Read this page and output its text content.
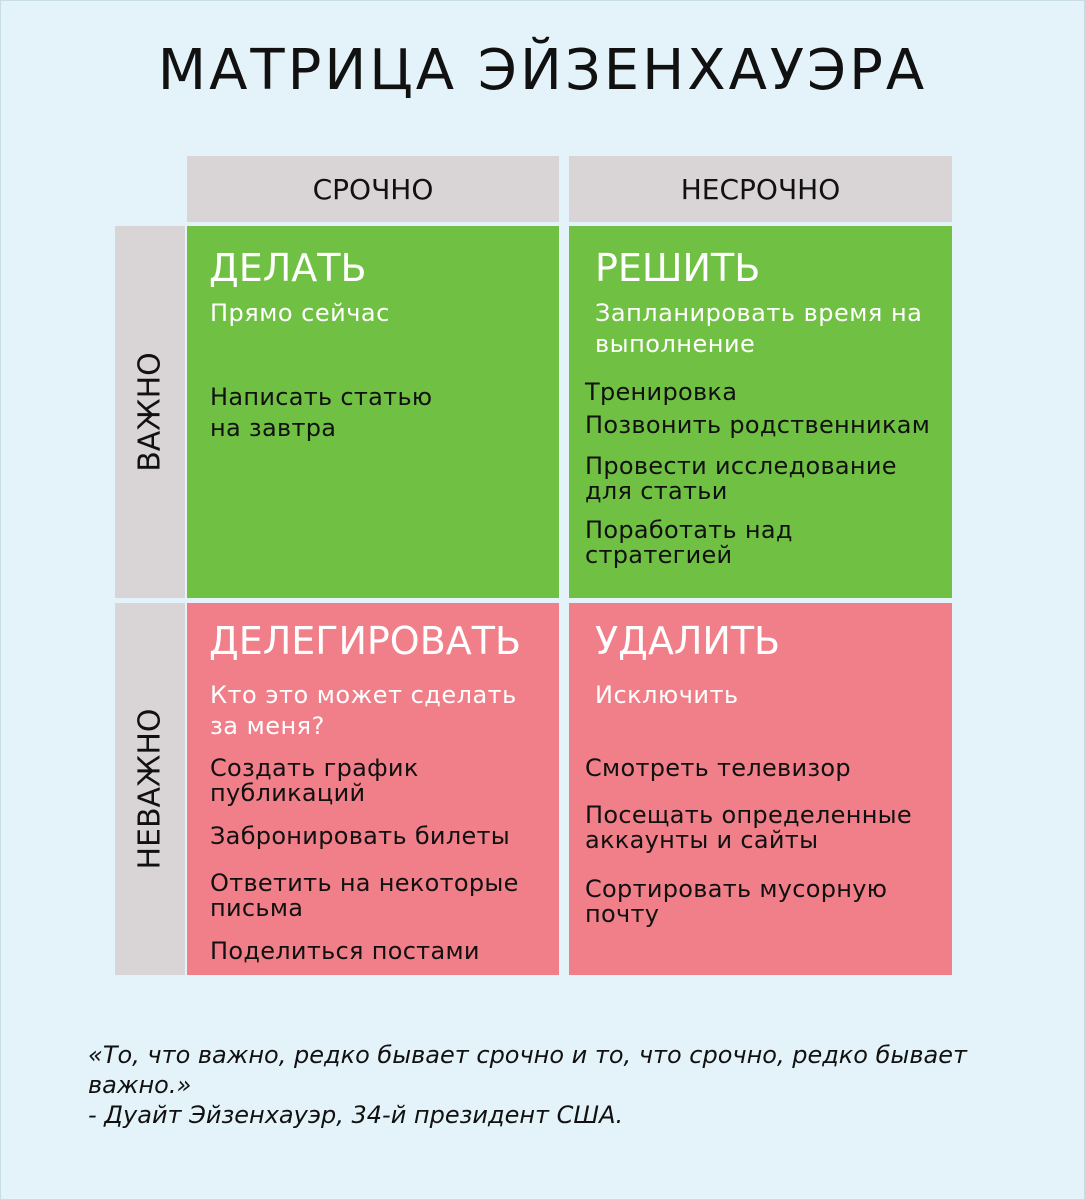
МАТРИЦА ЭЙЗЕНХАУЭРА
СРОЧНО	НЕСРОЧНО
ВАЖНО
НЕВАЖНО
ДЕЛАТЬ
Прямо сейчас
Написать статью на завтра
РЕШИТЬ
Запланировать время на выполнение
Тренировка
Позвонить родственникам
Провести исследование для статьи
Поработать над стратегией
ДЕЛЕГИРОВАТЬ
Кто это может сделать за меня?
Создать график публикаций
Забронировать билеты
Ответить на некоторые письма
Поделиться постами
УДАЛИТЬ
Исключить
Смотреть телевизор
Посещать определенные аккаунты и сайты
Сортировать мусорную почту
«То, что важно, редко бывает срочно и то, что срочно, редко бывает важно.»
- Дуайт Эйзенхауэр, 34-й президент США.
